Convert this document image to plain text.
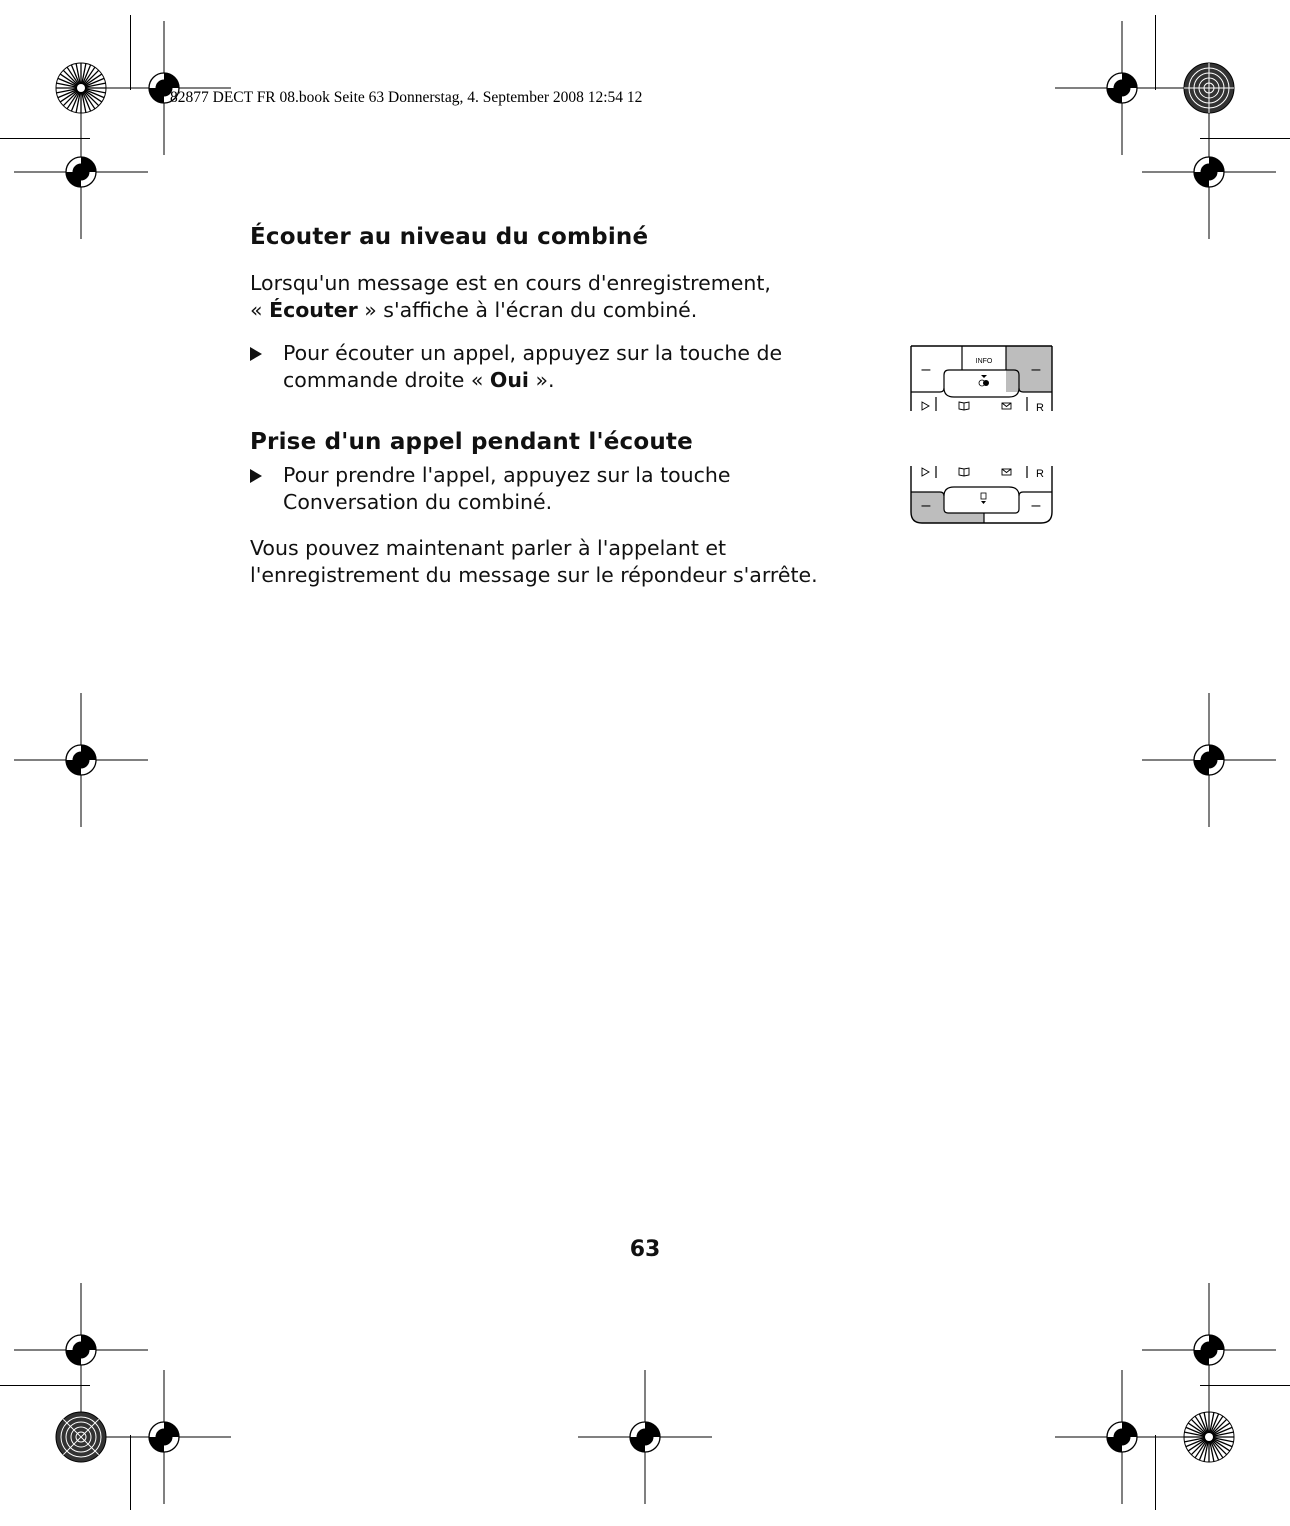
82877 DECT FR 08.book Seite 63 Donnerstag, 4. September 2008 12:54 12
Écouter au niveau du combiné
Lorsqu'un message est en cours d'enregistrement,
« Écouter » s'affiche à l'écran du combiné.
Pour écouter un appel, appuyez sur la touche de
commande droite « Oui ».
Prise d'un appel pendant l'écoute
Pour prendre l'appel, appuyez sur la touche
Conversation du combiné.
Vous pouvez maintenant parler à l'appelant et
l'enregistrement du message sur le répondeur s'arrête.
INFO
–	–
R
R
–	–
63
